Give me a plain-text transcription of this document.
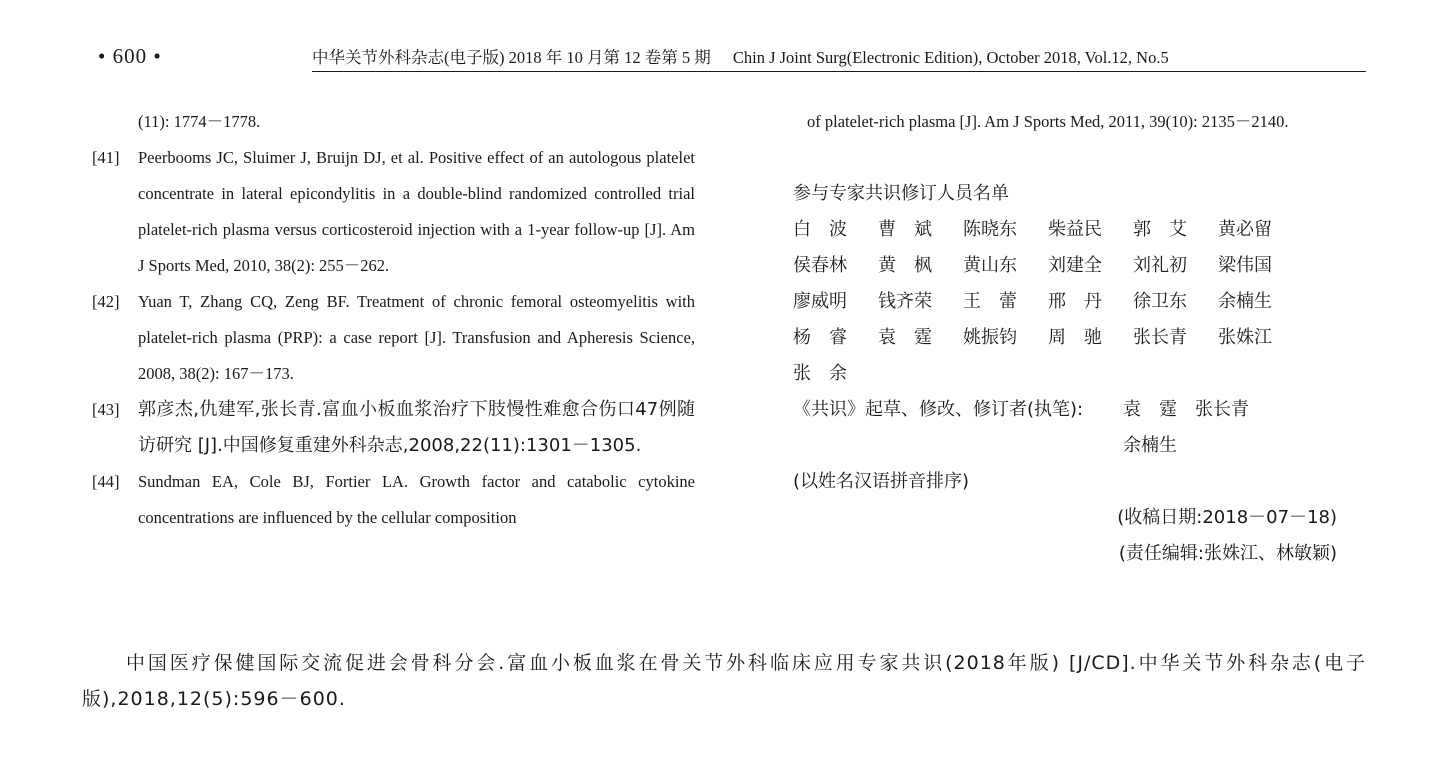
• 600 •	中华关节外科杂志(电子版) 2018 年 10 月第 12 卷第 5 期 Chin J Joint Surg(Electronic Edition), October 2018, Vol.12, No.5
(11): 1774－1778.
[41] Peerbooms JC, Sluimer J, Bruijn DJ, et al. Positive effect of an autologous platelet concentrate in lateral epicondylitis in a double-blind randomized controlled trial platelet-rich plasma versus corticosteroid injection with a 1-year follow-up [J]. Am J Sports Med, 2010, 38(2): 255－262.
[42] Yuan T, Zhang CQ, Zeng BF. Treatment of chronic femoral osteomyelitis with platelet-rich plasma (PRP): a case report [J]. Transfusion and Apheresis Science, 2008, 38(2): 167－173.
[43] 郭彦杰,仇建军,张长青.富血小板血浆治疗下肢慢性难愈合伤口47例随访研究 [J].中国修复重建外科杂志,2008,22(11):1301－1305.
[44] Sundman EA, Cole BJ, Fortier LA. Growth factor and catabolic cytokine concentrations are influenced by the cellular composition
of platelet-rich plasma [J]. Am J Sports Med, 2011, 39(10): 2135－2140.
参与专家共识修订人员名单
白　波	曹　斌	陈晓东	柴益民	郭　艾	黄必留
侯春林	黄　枫	黄山东	刘建全	刘礼初	梁伟国
廖威明	钱齐荣	王　蕾	邢　丹	徐卫东	余楠生
杨　睿	袁　霆	姚振钧	周　驰	张长青	张姝江
张　余
《共识》起草、修改、修订者(执笔): 袁　霆　张长青
余楠生
(以姓名汉语拼音排序)
(收稿日期:2018－07－18)
(责任编辑:张姝江、林敏颖)
中国医疗保健国际交流促进会骨科分会.富血小板血浆在骨关节外科临床应用专家共识(2018年版) [J/CD].中华关节外科杂志(电子版),2018,12(5):596－600.
